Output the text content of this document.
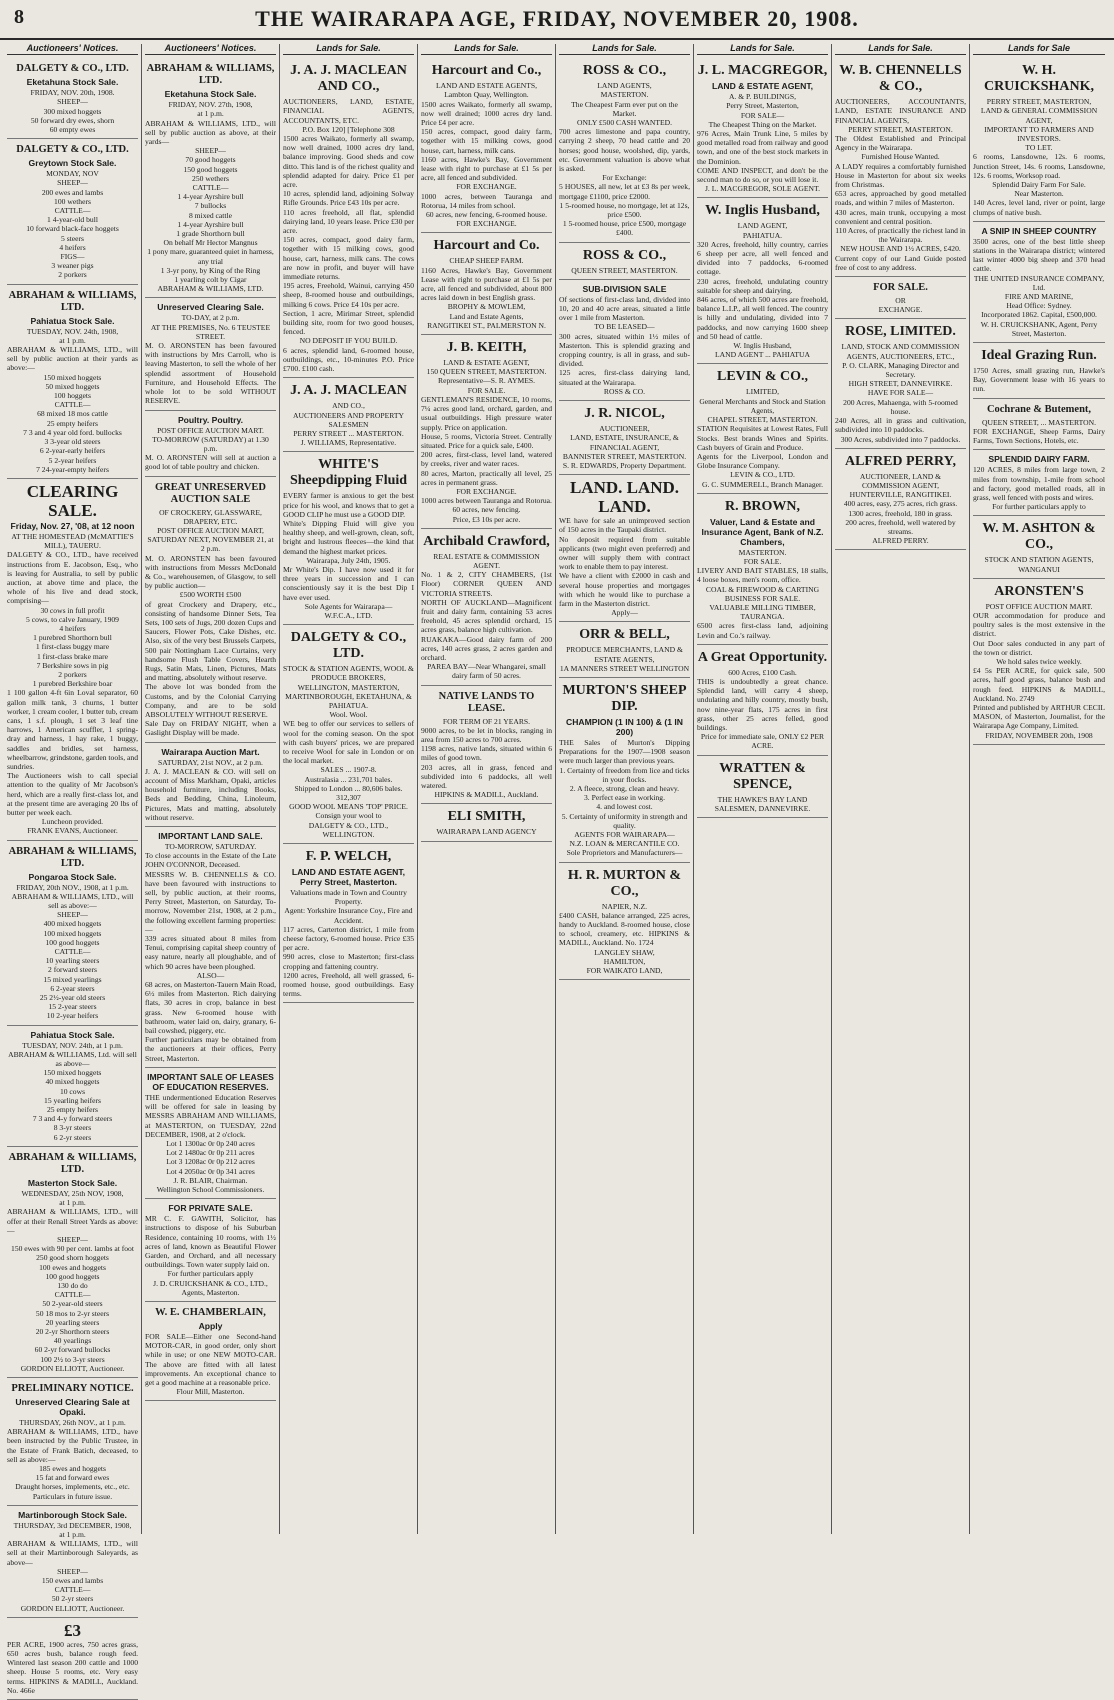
8	THE WAIRARAPA AGE, FRIDAY, NOVEMBER 20, 1908.
Auctioneers' Notices.
DALGETY & CO., LTD.
Eketahuna Stock Sale.
FRIDAY, NOV. 20th, 1908.
SHEEP—
300 mixed hoggets
50 forward dry ewes, shorn
60 empty ewes
DALGETY & CO., LTD.
Greytown Stock Sale.
MONDAY, NOV
SHEEP—
200 ewes and lambs
100 wethers
CATTLE—
1 4-year-old bull
10 forward black-face hoggets
5 steers
4 heifers
FIGS—
3 weaner pigs
2 porkers
ABRAHAM & WILLIAMS, LTD.
Pahiatua Stock Sale.
TUESDAY, NOV. 24th, 1908,
at 1 p.m.
ABRAHAM & WILLIAMS, LTD., will sell by public auction at their yards as above:—
150 mixed hoggets
50 mixed hoggets
100 hoggets
CATTLE—
68 mixed 18 mos cattle
25 empty heifers
7 3 and 4 year old ford. bullocks
3 3-year old steers
6 2-year-early heifers
5 2-year heifers
7 24-year-empty heifers
CLEARING SALE.
Friday, Nov. 27, '08, at 12 noon
AT THE HOMESTEAD (McMATTIE'S MILL), TAUERU.
DALGETY & CO., LTD., have received instructions from E. Jacobson, Esq., who is leaving for Australia, to sell by public auction, at above time and place, the whole of his live and dead stock, comprising—
30 cows in full profit
5 cows, to calve January, 1909
4 heifers
1 purebred Shorthorn bull
1 first-class buggy mare
1 first-class brake mare
7 Berkshire sows in pig
2 porkers
1 purebred Berkshire boar
1 100 gallon 4-ft 6in Loval separator, 60 gallon milk tank, 3 churns, 1 butter worker, 1 cream cooler, 1 butter tub, cream cans, 1 s.f. plough, 1 set 3 leaf tine harrows, 1 American scuffler, 1 spring-dray and harness, 1 hay rake, 1 buggy, saddles and bridles, set harness, wheelbarrow, grindstone, garden tools, and sundries.
The Auctioneers wish to call special attention to the quality of Mr Jacobson's herd, which are a really first-class lot, and at the present time are averaging 20 lbs of butter per week each.
Luncheon provided.
FRANK EVANS, Auctioneer.
ABRAHAM & WILLIAMS, LTD.
Pongaroa Stock Sale.
FRIDAY, 20th NOV., 1908, at 1 p.m.
ABRAHAM & WILLIAMS, LTD., will sell as above:—
SHEEP—
400 mixed hoggets
100 mixed hoggets
100 good hoggets
CATTLE—
10 yearling steers
2 forward steers
15 mixed yearlings
6 2-year steers
25 2½-year old steers
15 2-year steers
10 2-year heifers
Pahiatua Stock Sale.
TUESDAY, NOV. 24th, at 1 p.m.
ABRAHAM & WILLIAMS, Ltd. will sell as above—
150 mixed hoggets
40 mixed hoggets
10 cows
15 yearling heifers
25 empty heifers
7 3 and 4-y forward steers
8 3-yr steers
6 2-yr steers
ABRAHAM & WILLIAMS, LTD.
Masterton Stock Sale.
WEDNESDAY, 25th NOV, 1908,
at 1 p.m.
ABRAHAM & WILLIAMS, LTD., will offer at their Renall Street Yards as above:—
SHEEP—
150 ewes with 90 per cent. lambs at foot
250 good shorn hoggets
100 ewes and hoggets
100 good hoggets
130 do do
CATTLE—
50 2-year-old steers
50 18 mos to 2-yr steers
20 yearling steers
20 2-yr Shorthorn steers
40 yearlings
60 2-yr forward bullocks
100 2½ to 3-yr steers
GORDON ELLIOTT, Auctioneer.
PRELIMINARY NOTICE.
Unreserved Clearing Sale at Opaki.
THURSDAY, 26th NOV., at 1 p.m.
ABRAHAM & WILLIAMS, LTD., have been instructed by the Public Trustee, in the Estate of Frank Batich, deceased, to sell as above:—
185 ewes and hoggets
15 fat and forward ewes
Draught horses, implements, etc., etc.
Particulars in future issue.
Martinborough Stock Sale.
THURSDAY, 3rd DECEMBER, 1908,
at 1 p.m.
ABRAHAM & WILLIAMS, LTD., will sell at their Martinborough Saleyards, as above—
SHEEP—
150 ewes and lambs
CATTLE—
50 2-yr steers
GORDON ELLIOTT, Auctioneer.
£3
PER ACRE, 1900 acres, 750 acres grass, 650 acres bush, balance rough feed. Wintered last season 200 cattle and 1000 sheep. House 5 rooms, etc. Very easy terms. HIPKINS & MADILL, Auckland. No. 466e
Auctioneers' Notices.
ABRAHAM & WILLIAMS, LTD.
Eketahuna Stock Sale.
FRIDAY, NOV. 27th, 1908,
at 1 p.m.
ABRAHAM & WILLIAMS, LTD., will sell by public auction as above, at their yards—
SHEEP—
70 good hoggets
150 good hoggets
250 wethers
CATTLE—
1 4-year Ayrshire bull
7 bullocks
8 mixed cattle
1 4-year Ayrshire bull
1 grade Shorthorn bull
On behalf Mr Hector Mangnus
1 pony mare, guaranteed quiet in harness, any trial
1 3-yr pony, by King of the Ring
1 yearling colt by Cigar
ABRAHAM & WILLIAMS, LTD.
Unreserved Clearing Sale.
TO-DAY, at 2 p.m.
AT THE PREMISES, No. 6 TEUSTEE STREET.
M. O. ARONSTEN has been favoured with instructions by Mrs Carroll, who is leaving Masterton, to sell the whole of her splendid assortment of Household Furniture, and Household Effects. The whole lot to be sold WITHOUT RESERVE.
Poultry. Poultry.
POST OFFICE AUCTION MART.
TO-MORROW (SATURDAY) at 1.30 p.m.
M. O. ARONSTEN will sell at auction a good lot of table poultry and chicken.
GREAT UNRESERVED AUCTION SALE
OF CROCKERY, GLASSWARE, DRAPERY, ETC.
POST OFFICE AUCTION MART,
SATURDAY NEXT, NOVEMBER 21, at 2 p.m.
M. O. ARONSTEN has been favoured with instructions from Messrs McDonald & Co., warehousemen, of Glasgow, to sell by public auction—
£500 WORTH £500
of great Crockery and Drapery, etc., consisting of handsome Dinner Sets, Tea Sets, 100 sets of Jugs, 200 dozen Cups and Saucers, Flower Pots, Cake Dishes, etc. Also, six of the very best Brussels Carpets, 500 pair Nottingham Lace Curtains, very handsome Flush Table Covers, Hearth Rugs, Satin Mats, Linen, Pictures, Mats and matting, absolutely without reserve.
The above lot was bonded from the Customs, and by the Colonial Carrying Company, and are to be sold ABSOLUTELY WITHOUT RESERVE.
Sale Day on FRIDAY NIGHT, when a Gaslight Display will be made.
Wairarapa Auction Mart.
SATURDAY, 21st NOV., at 2 p.m.
J. A. J. MACLEAN & CO. will sell on account of Miss Markham, Opaki, articles household furniture, including Books, Beds and Bedding, China, Linoleum, Pictures, Mats and matting, absolutely without reserve.
IMPORTANT LAND SALE.
TO-MORROW, SATURDAY.
To close accounts in the Estate of the Late JOHN O'CONNOR, Deceased.
MESSRS W. B. CHENNELLS & CO. have been favoured with instructions to sell, by public auction, at their rooms, Perry Street, Masterton, on Saturday, To-morrow, November 21st, 1908, at 2 p.m., the following excellent farming properties:—
339 acres situated about 8 miles from Tenui, comprising capital sheep country of easy nature, nearly all ploughable, and of which 90 acres have been ploughed.
ALSO—
68 acres, on Masterton-Tauern Main Road, 6½ miles from Masterton. Rich dairying flats, 30 acres in crop, balance in best grass. New 6-roomed house with bathroom, water laid on, dairy, granary, 6-bail cowshed, piggery, etc.
Further particulars may be obtained from the auctioneers at their offices, Perry Street, Masterton.
IMPORTANT SALE OF LEASES OF EDUCATION RESERVES.
THE undermentioned Education Reserves will be offered for sale in leasing by MESSRS ABRAHAM AND WILLIAMS, at MASTERTON, on TUESDAY, 22nd DECEMBER, 1908, at 2 o'clock.
Lot 1 1300ac 0r 0p 240 acres
Lot 2 1480ac 0r 0p 211 acres
Lot 3 1208ac 0r 0p 212 acres
Lot 4 2050ac 0r 0p 341 acres
J. R. BLAIR, Chairman.
Wellington School Commissioners.
FOR PRIVATE SALE.
MR C. F. GAWITH, Solicitor, has instructions to dispose of his Suburban Residence, containing 10 rooms, with 1½ acres of land, known as Beautiful Flower Garden, and Orchard, and all necessary outbuildings. Town water supply laid on.
For further particulars apply
J. D. CRUICKSHANK & CO., LTD., Agents, Masterton.
W. E. CHAMBERLAIN,
Apply
FOR SALE—Either one Second-hand MOTOR-CAR, in good order, only short while in use; or one NEW MOTO-CAR. The above are fitted with all latest improvements. An exceptional chance to get a good machine at a reasonable price.
Flour Mill, Masterton.
Lands for Sale.
J. A. J. MACLEAN AND CO.,
AUCTIONEERS, LAND, ESTATE, FINANCIAL AGENTS, ACCOUNTANTS, ETC.
P.O. Box 120] [Telephone 308
1500 acres Waikato, formerly all swamp, now well drained, 1000 acres dry land, balance improving. Good sheds and cow ditto. This land is of the richest quality and splendid adapted for dairy. Price £1 per acre.
10 acres, splendid land, adjoining Solway Rifle Grounds. Price £43 10s per acre.
110 acres freehold, all flat, splendid dairying land, 10 years lease. Price £30 per acre.
150 acres, compact, good dairy farm, together with 15 milking cows, good house, cart, harness, milk cans. The cows are now in profit, and buyer will have immediate returns.
195 acres, Freehold, Wainui, carrying 450 sheep, 8-roomed house and outbuildings, milking 6 cows. Price £4 10s per acre.
Section, 1 acre, Mirimar Street, splendid building site, room for two good houses, fenced.
NO DEPOSIT IF YOU BUILD.
6 acres, splendid land, 6-roomed house, outbuildings, etc., 10-minutes P.O. Price £700. £100 cash.
J. A. J. MACLEAN
AND CO.,
AUCTIONEERS AND PROPERTY SALESMEN
PERRY STREET ... MASTERTON.
J. WILLIAMS, Representative.
WHITE'S Sheepdipping Fluid
EVERY farmer is anxious to get the best price for his wool, and knows that to get a GOOD CLIP he must use a GOOD DIP.
White's Dipping Fluid will give you healthy sheep, and well-grown, clean, soft, bright and lustrous fleeces—the kind that demand the highest market prices.
Wairarapa, July 24th, 1905.
Mr White's Dip. I have now used it for three years in succession and I can conscientiously say it is the best Dip I have ever used.
Sole Agents for Wairarapa—
W.F.C.A., LTD.
DALGETY & CO., LTD.
STOCK & STATION AGENTS, WOOL & PRODUCE BROKERS,
WELLINGTON, MASTERTON, MARTINBOROUGH, EKETAHUNA, & PAHIATUA.
Wool. Wool.
WE beg to offer our services to sellers of wool for the coming season. On the spot with cash buyers' prices, we are prepared to receive Wool for sale in London or on the local market.
SALES ... 1907-8.
Australasia ... 231,701 bales.
Shipped to London ... 80,606 bales.
312,307
GOOD WOOL MEANS 'TOP' PRICE.
Consign your wool to
DALGETY & CO., LTD.,
WELLINGTON.
F. P. WELCH,
LAND AND ESTATE AGENT, Perry Street, Masterton.
Valuations made in Town and Country Property.
Agent: Yorkshire Insurance Coy., Fire and Accident.
117 acres, Carterton district, 1 mile from cheese factory, 6-roomed house. Price £35 per acre.
990 acres, close to Masterton; first-class cropping and fattening country.
1200 acres, Freehold, all well grassed, 6-roomed house, good outbuildings. Easy terms.
Lands for Sale.
Harcourt and Co.,
LAND AND ESTATE AGENTS,
Lambton Quay, Wellington.
1500 acres Waikato, formerly all swamp, now well drained; 1000 acres dry land. Price £4 per acre.
150 acres, compact, good dairy farm, together with 15 milking cows, good house, cart, harness, milk cans.
1160 acres, Hawke's Bay, Government lease with right to purchase at £1 5s per acre, all fenced and subdivided.
FOR EXCHANGE.
1000 acres, between Tauranga and Rotorua, 14 miles from school.
60 acres, new fencing, 6-roomed house.
FOR EXCHANGE.
Harcourt and Co.
CHEAP SHEEP FARM.
1160 Acres, Hawke's Bay, Government Lease with right to purchase at £1 5s per acre, all fenced and subdivided, about 800 acres laid down in best English grass.
BROPHY & MOWLEM,
Land and Estate Agents,
RANGITIKEI ST., PALMERSTON N.
J. B. KEITH,
LAND & ESTATE AGENT,
150 QUEEN STREET, MASTERTON.
Representative—S. R. AYMES.
FOR SALE.
GENTLEMAN'S RESIDENCE, 10 rooms, 7¼ acres good land, orchard, garden, and usual outbuildings. High pressure water supply. Price on application.
House, 5 rooms, Victoria Street. Centrally situated. Price for a quick sale, £400.
200 acres, first-class, level land, watered by creeks, river and water races.
80 acres, Marton, practically all level, 25 acres in permanent grass.
FOR EXCHANGE.
1000 acres between Tauranga and Rotorua.
60 acres, new fencing.
Price, £3 10s per acre.
Archibald Crawford,
REAL ESTATE & COMMISSION AGENT.
No. 1 & 2, CITY CHAMBERS, (1st Floor) CORNER QUEEN AND VICTORIA STREETS.
NORTH OF AUCKLAND—Magnificent fruit and dairy farm, containing 53 acres freehold, 45 acres splendid orchard, 15 acres grass, balance high cultivation.
RUAKAKA—Good dairy farm of 200 acres, 140 acres grass, 2 acres garden and orchard.
PAREA BAY—Near Whangarei, small dairy farm of 50 acres.
NATIVE LANDS TO LEASE.
FOR TERM OF 21 YEARS.
9000 acres, to be let in blocks, ranging in area from 150 acres to 700 acres.
1198 acres, native lands, situated within 6 miles of good town.
203 acres, all in grass, fenced and subdivided into 6 paddocks, all well watered.
HIPKINS & MADILL, Auckland.
ELI SMITH,
WAIRARAPA LAND AGENCY
Lands for Sale.
ROSS & CO.,
LAND AGENTS,
MASTERTON.
The Cheapest Farm ever put on the Market.
ONLY £500 CASH WANTED.
700 acres limestone and papa country, carrying 2 sheep, 70 head cattle and 20 horses; good house, woolshed, dip, yards, etc. Government valuation is above what is asked.
For Exchange:
5 HOUSES, all new, let at £3 8s per week, mortgage £1100, price £2000.
1 5-roomed house, no mortgage, let at 12s, price £500.
1 5-roomed house, price £500, mortgage £400.
ROSS & CO.,
QUEEN STREET, MASTERTON.
SUB-DIVISION SALE
Of sections of first-class land, divided into 10, 20 and 40 acre areas, situated a little over 1 mile from Masterton.
TO BE LEASED—
300 acres, situated within 1½ miles of Masterton. This is splendid grazing and cropping country, is all in grass, and sub-divided.
125 acres, first-class dairying land, situated at the Wairarapa.
ROSS & CO.
J. R. NICOL,
AUCTIONEER,
LAND, ESTATE, INSURANCE, & FINANCIAL AGENT,
BANNISTER STREET, MASTERTON.
S. R. EDWARDS, Property Department.
LAND. LAND. LAND.
WE have for sale an unimproved section of 150 acres in the Taupaki district.
No deposit required from suitable applicants (two might even preferred) and owner will supply them with contract work to enable them to pay interest.
We have a client with £2000 in cash and several house properties and mortgages with which he would like to purchase a farm in the Masterton district.
Apply—
ORR & BELL,
PRODUCE MERCHANTS, LAND & ESTATE AGENTS,
1A MANNERS STREET WELLINGTON
MURTON'S SHEEP DIP.
CHAMPION (1 IN 100) & (1 IN 200)
THE Sales of Murton's Dipping Preparations for the 1907—1908 season were much larger than previous years.
1. Certainty of freedom from lice and ticks in your flocks.
2. A fleece, strong, clean and heavy.
3. Perfect ease in working.
4. and lowest cost.
5. Certainty of uniformity in strength and quality.
AGENTS FOR WAIRARAPA—
N.Z. LOAN & MERCANTILE CO.
Sole Proprietors and Manufacturers—
H. R. MURTON & CO.,
NAPIER, N.Z.
£400 CASH, balance arranged, 225 acres, handy to Auckland. 8-roomed house, close to school, creamery, etc. HIPKINS & MADILL, Auckland. No. 1724
LANGLEY SHAW,
HAMILTON,
FOR WAIKATO LAND,
Lands for Sale.
J. L. MACGREGOR,
LAND & ESTATE AGENT,
A. & P. BUILDINGS,
Perry Street, Masterton,
FOR SALE—
The Cheapest Thing on the Market.
976 Acres, Main Trunk Line, 5 miles by good metalled road from railway and good town, and one of the best stock markets in the Dominion.
COME AND INSPECT, and don't be the second man to do so, or you will lose it.
J. L. MACGREGOR, SOLE AGENT.
W. Inglis Husband,
LAND AGENT,
PAHIATUA.
320 Acres, freehold, hilly country, carries 6 sheep per acre, all well fenced and divided into 7 paddocks, 6-roomed cottage.
230 acres, freehold, undulating country suitable for sheep and dairying.
846 acres, of which 500 acres are freehold, balance L.I.P., all well fenced. The country is hilly and undulating, divided into 7 paddocks, and now carrying 1600 sheep and 50 head of cattle.
W. Inglis Husband,
LAND AGENT ... PAHIATUA
LEVIN & CO.,
LIMITED,
General Merchants and Stock and Station Agents,
CHAPEL STREET, MASTERTON.
STATION Requisites at Lowest Rates, Full Stocks. Best brands Wines and Spirits. Cash buyers of Grain and Produce.
Agents for the Liverpool, London and Globe Insurance Company.
LEVIN & CO., LTD.
G. C. SUMMERELL, Branch Manager.
R. BROWN,
Valuer, Land & Estate and Insurance Agent, Bank of N.Z. Chambers,
MASTERTON.
FOR SALE.
LIVERY AND BAIT STABLES, 18 stalls, 4 loose boxes, men's room, office.
COAL & FIREWOOD & CARTING BUSINESS FOR SALE.
VALUABLE MILLING TIMBER, TAURANGA.
6500 acres first-class land, adjoining Levin and Co.'s railway.
A Great Opportunity.
600 Acres, £100 Cash.
THIS is undoubtedly a great chance. Splendid land, will carry 4 sheep, undulating and hilly country, mostly bush, now nine-year flats, 175 acres in first grass, other 25 acres felled, good buildings.
Price for immediate sale, ONLY £2 PER ACRE.
WRATTEN & SPENCE,
THE HAWKE'S BAY LAND SALESMEN, DANNEVIRKE.
Lands for Sale.
W. B. CHENNELLS & CO.,
AUCTIONEERS, ACCOUNTANTS, LAND, ESTATE INSURANCE AND FINANCIAL AGENTS,
PERRY STREET, MASTERTON.
The Oldest Established and Principal Agency in the Wairarapa.
Furnished House Wanted.
A LADY requires a comfortably furnished House in Masterton for about six weeks from Christmas.
653 acres, approached by good metalled roads, and within 7 miles of Masterton.
430 acres, main trunk, occupying a most convenient and central position.
110 Acres, of practically the richest land in the Wairarapa.
NEW HOUSE AND 1½ ACRES, £420.
Current copy of our Land Guide posted free of cost to any address.
FOR SALE.
OR
EXCHANGE.
ROSE, LIMITED.
LAND, STOCK AND COMMISSION AGENTS, AUCTIONEERS, ETC.,
P. O. CLARK, Managing Director and Secretary.
HIGH STREET, DANNEVIRKE.
HAVE FOR SALE—
200 Acres, Mahaenga, with 5-roomed house.
240 Acres, all in grass and cultivation, subdivided into 10 paddocks.
300 Acres, subdivided into 7 paddocks.
ALFRED PERRY,
AUCTIONEER, LAND & COMMISSION AGENT,
HUNTERVILLE, RANGITIKEI.
400 acres, easy, 275 acres, rich grass.
1300 acres, freehold, 180 in grass.
200 acres, freehold, well watered by streams.
ALFRED PERRY.
Lands for Sale
W. H. CRUICKSHANK,
PERRY STREET, MASTERTON,
LAND & GENERAL COMMISSION AGENT,
IMPORTANT TO FARMERS AND INVESTORS.
TO LET.
6 rooms, Lansdowne, 12s. 6 rooms, Junction Street, 14s. 6 rooms, Lansdowne, 12s. 6 rooms, Worksop road.
Splendid Dairy Farm For Sale.
Near Masterton.
140 Acres, level land, river or point, large clumps of native bush.
A SNIP IN SHEEP COUNTRY
3500 acres, one of the best little sheep stations in the Wairarapa district; wintered last winter 4000 big sheep and 370 head cattle.
THE UNITED INSURANCE COMPANY, Ltd.
FIRE AND MARINE,
Head Office: Sydney.
Incorporated 1862. Capital, £500,000.
W. H. CRUICKSHANK, Agent, Perry Street, Masterton.
Ideal Grazing Run.
1750 Acres, small grazing run, Hawke's Bay, Government lease with 16 years to run.
Cochrane & Butement,
QUEEN STREET, ... MASTERTON.
FOR EXCHANGE, Sheep Farms, Dairy Farms, Town Sections, Hotels, etc.
SPLENDID DAIRY FARM.
120 ACRES, 8 miles from large town, 2 miles from township, 1-mile from school and factory, good metalled roads, all in grass, well fenced with posts and wires.
For further particulars apply to
W. M. ASHTON & CO.,
STOCK AND STATION AGENTS,
WANGANUI
ARONSTEN'S
POST OFFICE AUCTION MART.
OUR accommodation for produce and poultry sales is the most extensive in the district.
Out Door sales conducted in any part of the town or district.
We hold sales twice weekly.
£4 5s PER ACRE, for quick sale, 500 acres, half good grass, balance bush and rough feed. HIPKINS & MADILL, Auckland. No. 2749
Printed and published by ARTHUR CECIL MASON, of Masterton, Journalist, for the Wairarapa Age Company, Limited.
FRIDAY, NOVEMBER 20th, 1908
